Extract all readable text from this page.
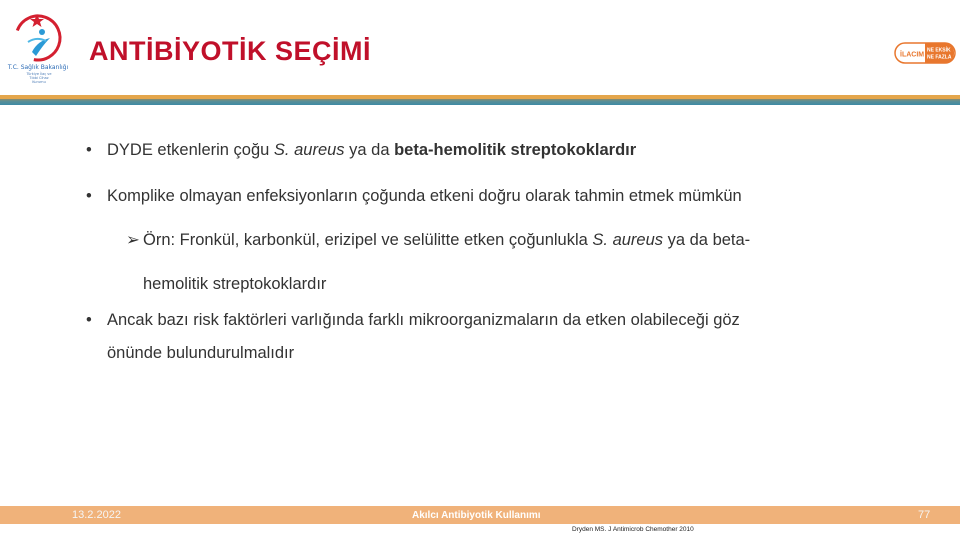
T.C. Sağlık Bakanlığı
Türkiye İlaç ve Tıbbi Cihaz Kurumu
ANTİBİYOTİK SEÇİMİ	İLACIM
NE EKSİK
NE FAZLA
• DYDE etkenlerin çoğu S. aureus ya da beta-hemolitik streptokoklardır
• Komplike olmayan enfeksiyonların çoğunda etkeni doğru olarak tahmin etmek mümkün
➢ Örn: Fronkül, karbonkül, erizipel ve selülitte etken çoğunlukla S. aureus ya da beta-
hemolitik streptokoklardır
• Ancak bazı risk faktörleri varlığında farklı mikroorganizmaların da etken olabileceği göz
önünde bulundurulmalıdır
13.2.2022	Akılcı Antibiyotik Kullanımı	77
Dryden MS. J Antimicrob Chemother 2010
